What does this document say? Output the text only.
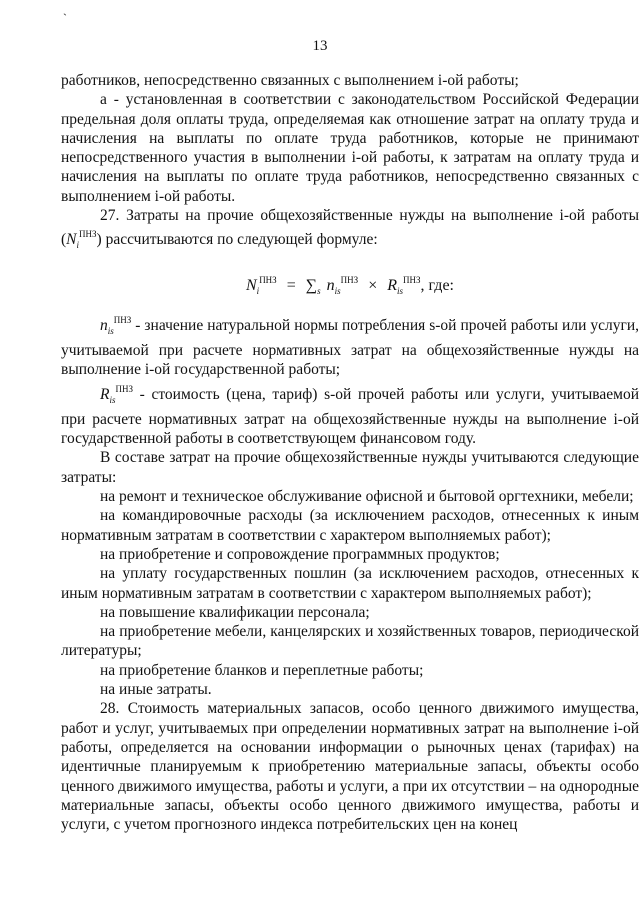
`
13

работников, непосредственно связанных с выполнением i-ой работы;

а - установленная в соответствии с законодательством Российской Федерации предельная доля оплаты труда, определяемая как отношение затрат на оплату труда и начисления на выплаты по оплате труда работников, которые не принимают непосредственного участия в выполнении i-ой работы, к затратам на оплату труда и начисления на выплаты по оплате труда работников, непосредственно связанных с выполнением i-ой работы.

27. Затраты на прочие общехозяйственные нужды на выполнение i-ой работы $(N_i^{ПНЗ})$ рассчитываются по следующей формуле:

$N_i^{ПНЗ} = \sum_s$ $n_{is}^{ПНЗ} \times R_{is}^{ПНЗ}$, где:

$n_{is}^{ПНЗ}$ - значение натуральной нормы потребления s-ой прочей работы или услуги, учитываемой при расчете нормативных затрат на общехозяйственные нужды на выполнение i-ой государственной работы;

$R_{is}^{ПНЗ}$ - стоимость (цена, тариф) s-ой прочей работы или услуги, учитываемой при расчете нормативных затрат на общехозяйственные нужды на выполнение i-ой государственной работы в соответствующем финансовом году.

В составе затрат на прочие общехозяйственные нужды учитываются следующие затраты:

на ремонт и техническое обслуживание офисной и бытовой оргтехники, мебели;

на командировочные расходы (за исключением расходов, отнесенных к иным нормативным затратам в соответствии с характером выполняемых работ);

на приобретение и сопровождение программных продуктов;

на уплату государственных пошлин (за исключением расходов, отнесенных к иным нормативным затратам в соответствии с характером выполняемых работ);

на повышение квалификации персонала;

на приобретение мебели, канцелярских и хозяйственных товаров, периодической литературы;

на приобретение бланков и переплетные работы;

на иные затраты.

28. Стоимость материальных запасов, особо ценного движимого имущества, работ и услуг, учитываемых при определении нормативных затрат на выполнение i-ой работы, определяется на основании информации о рыночных ценах (тарифах) на идентичные планируемым к приобретению материальные запасы, объекты особо ценного движимого имущества, работы и услуги, а при их отсутствии – на однородные материальные запасы, объекты особо ценного движимого имущества, работы и услуги, с учетом прогнозного индекса потребительских цен на конец
